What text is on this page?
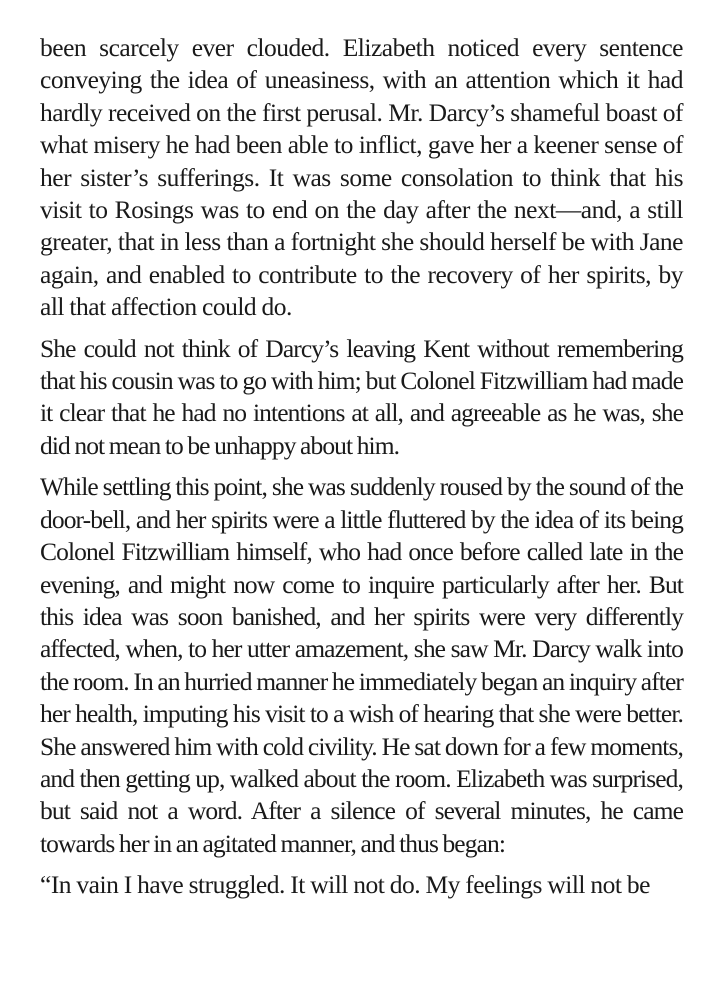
been scarcely ever clouded. Elizabeth noticed every sentence conveying the idea of uneasiness, with an attention which it had hardly received on the first perusal. Mr. Darcy’s shameful boast of what misery he had been able to inflict, gave her a keener sense of her sister’s sufferings. It was some consolation to think that his visit to Rosings was to end on the day after the next—and, a still greater, that in less than a fortnight she should herself be with Jane again, and enabled to contribute to the recovery of her spirits, by all that affection could do.

She could not think of Darcy’s leaving Kent without remembering that his cousin was to go with him; but Colonel Fitzwilliam had made it clear that he had no intentions at all, and agreeable as he was, she did not mean to be unhappy about him.

While settling this point, she was suddenly roused by the sound of the door-bell, and her spirits were a little fluttered by the idea of its being Colonel Fitzwilliam himself, who had once before called late in the evening, and might now come to inquire particularly after her. But this idea was soon banished, and her spirits were very differently affected, when, to her utter amazement, she saw Mr. Darcy walk into the room. In an hurried manner he immediately began an inquiry after her health, imputing his visit to a wish of hearing that she were better. She answered him with cold civility. He sat down for a few moments, and then getting up, walked about the room. Elizabeth was surprised, but said not a word. After a silence of several minutes, he came towards her in an agitated manner, and thus began:

“In vain I have struggled. It will not do. My feelings will not be
